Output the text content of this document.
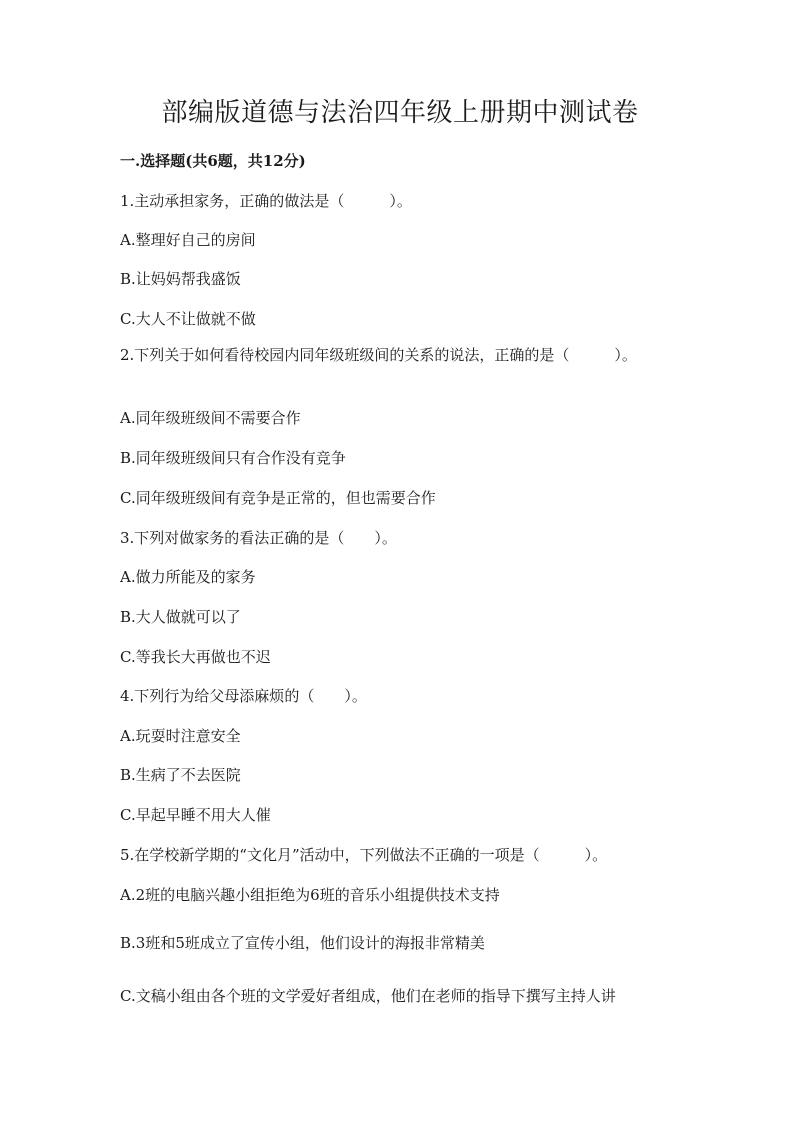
部编版道德与法治四年级上册期中测试卷
一.选择题(共6题，共12分)
1.主动承担家务，正确的做法是（　　　）。
A.整理好自己的房间
B.让妈妈帮我盛饭
C.大人不让做就不做
2.下列关于如何看待校园内同年级班级间的关系的说法，正确的是（　　　）。
A.同年级班级间不需要合作
B.同年级班级间只有合作没有竞争
C.同年级班级间有竞争是正常的，但也需要合作
3.下列对做家务的看法正确的是（　　）。
A.做力所能及的家务
B.大人做就可以了
C.等我长大再做也不迟
4.下列行为给父母添麻烦的（　　）。
A.玩耍时注意安全
B.生病了不去医院
C.早起早睡不用大人催
5.在学校新学期的“文化月”活动中，下列做法不正确的一项是（　　　）。
A.2班的电脑兴趣小组拒绝为6班的音乐小组提供技术支持
B.3班和5班成立了宣传小组，他们设计的海报非常精美
C.文稿小组由各个班的文学爱好者组成，他们在老师的指导下撰写主持人讲
